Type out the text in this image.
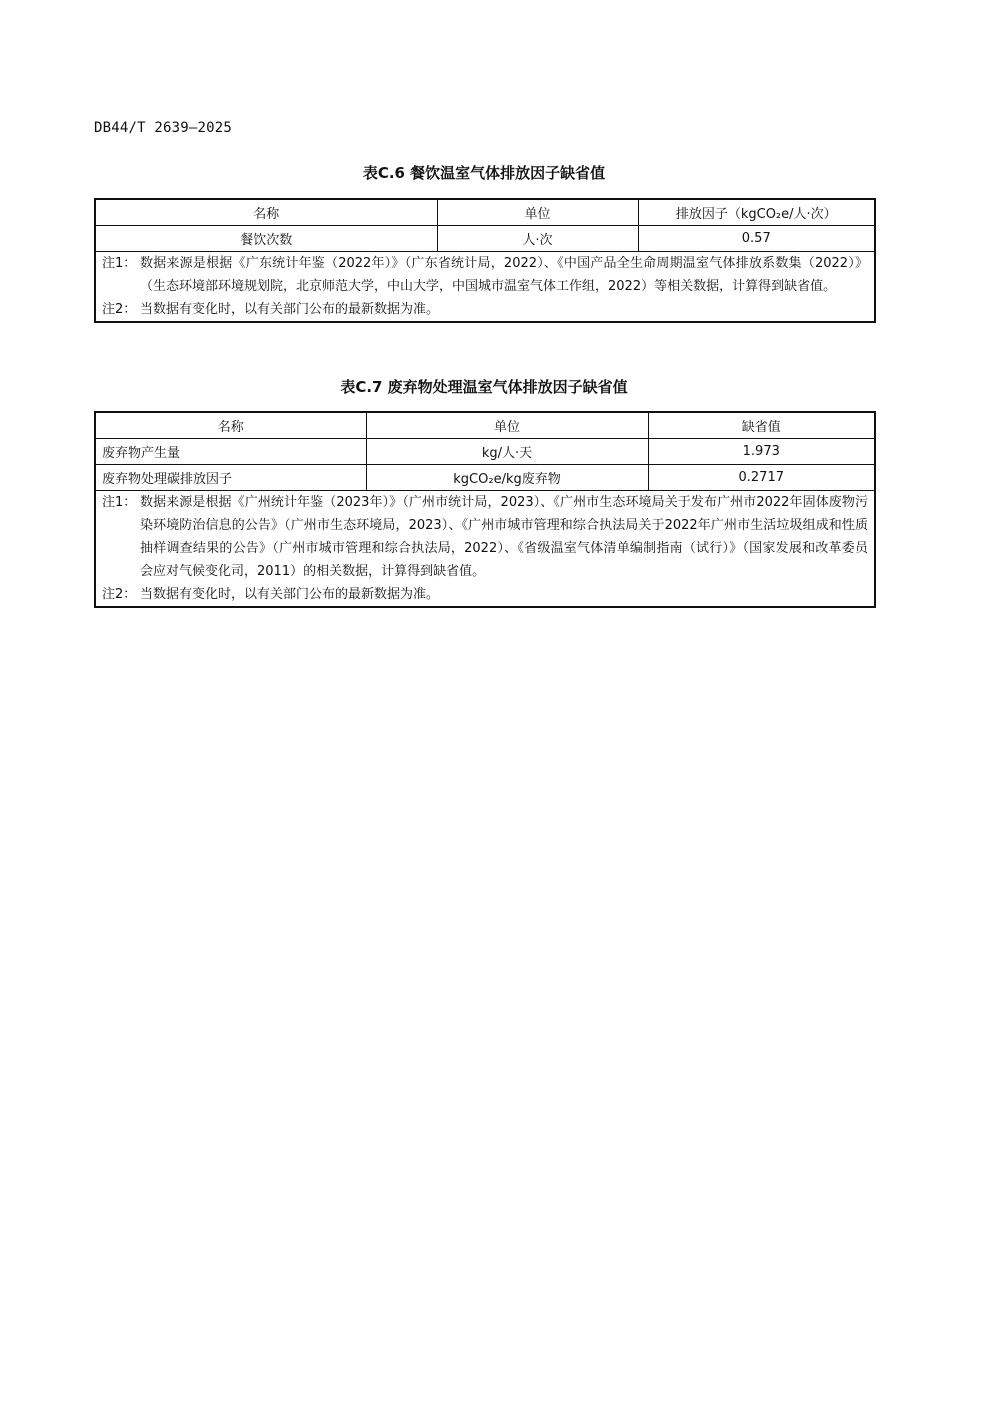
DB44/T 2639—2025
表C.6 餐饮温室气体排放因子缺省值
名称	单位	排放因子（kgCO₂e/人·次）
餐饮次数	人·次	0.57

注1： 数据来源是根据《广东统计年鉴（2022年）》（广东省统计局，2022）、《中国产品全生命周期温室气体排放系数集（2022）》（生态环境部环境规划院，北京师范大学，中山大学，中国城市温室气体工作组，2022）等相关数据，计算得到缺省值。
注2： 当数据有变化时，以有关部门公布的最新数据为准。		
表C.7 废弃物处理温室气体排放因子缺省值
名称	单位	缺省值
废弃物产生量	kg/人·天	1.973
废弃物处理碳排放因子	kgCO₂e/kg废弃物	0.2717

注1： 数据来源是根据《广州统计年鉴（2023年）》（广州市统计局，2023）、《广州市生态环境局关于发布广州市2022年固体废物污染环境防治信息的公告》（广州市生态环境局，2023）、《广州市城市管理和综合执法局关于2022年广州市生活垃圾组成和性质抽样调查结果的公告》（广州市城市管理和综合执法局，2022）、《省级温室气体清单编制指南（试行）》（国家发展和改革委员会应对气候变化司，2011）的相关数据，计算得到缺省值。
注2： 当数据有变化时，以有关部门公布的最新数据为准。		
